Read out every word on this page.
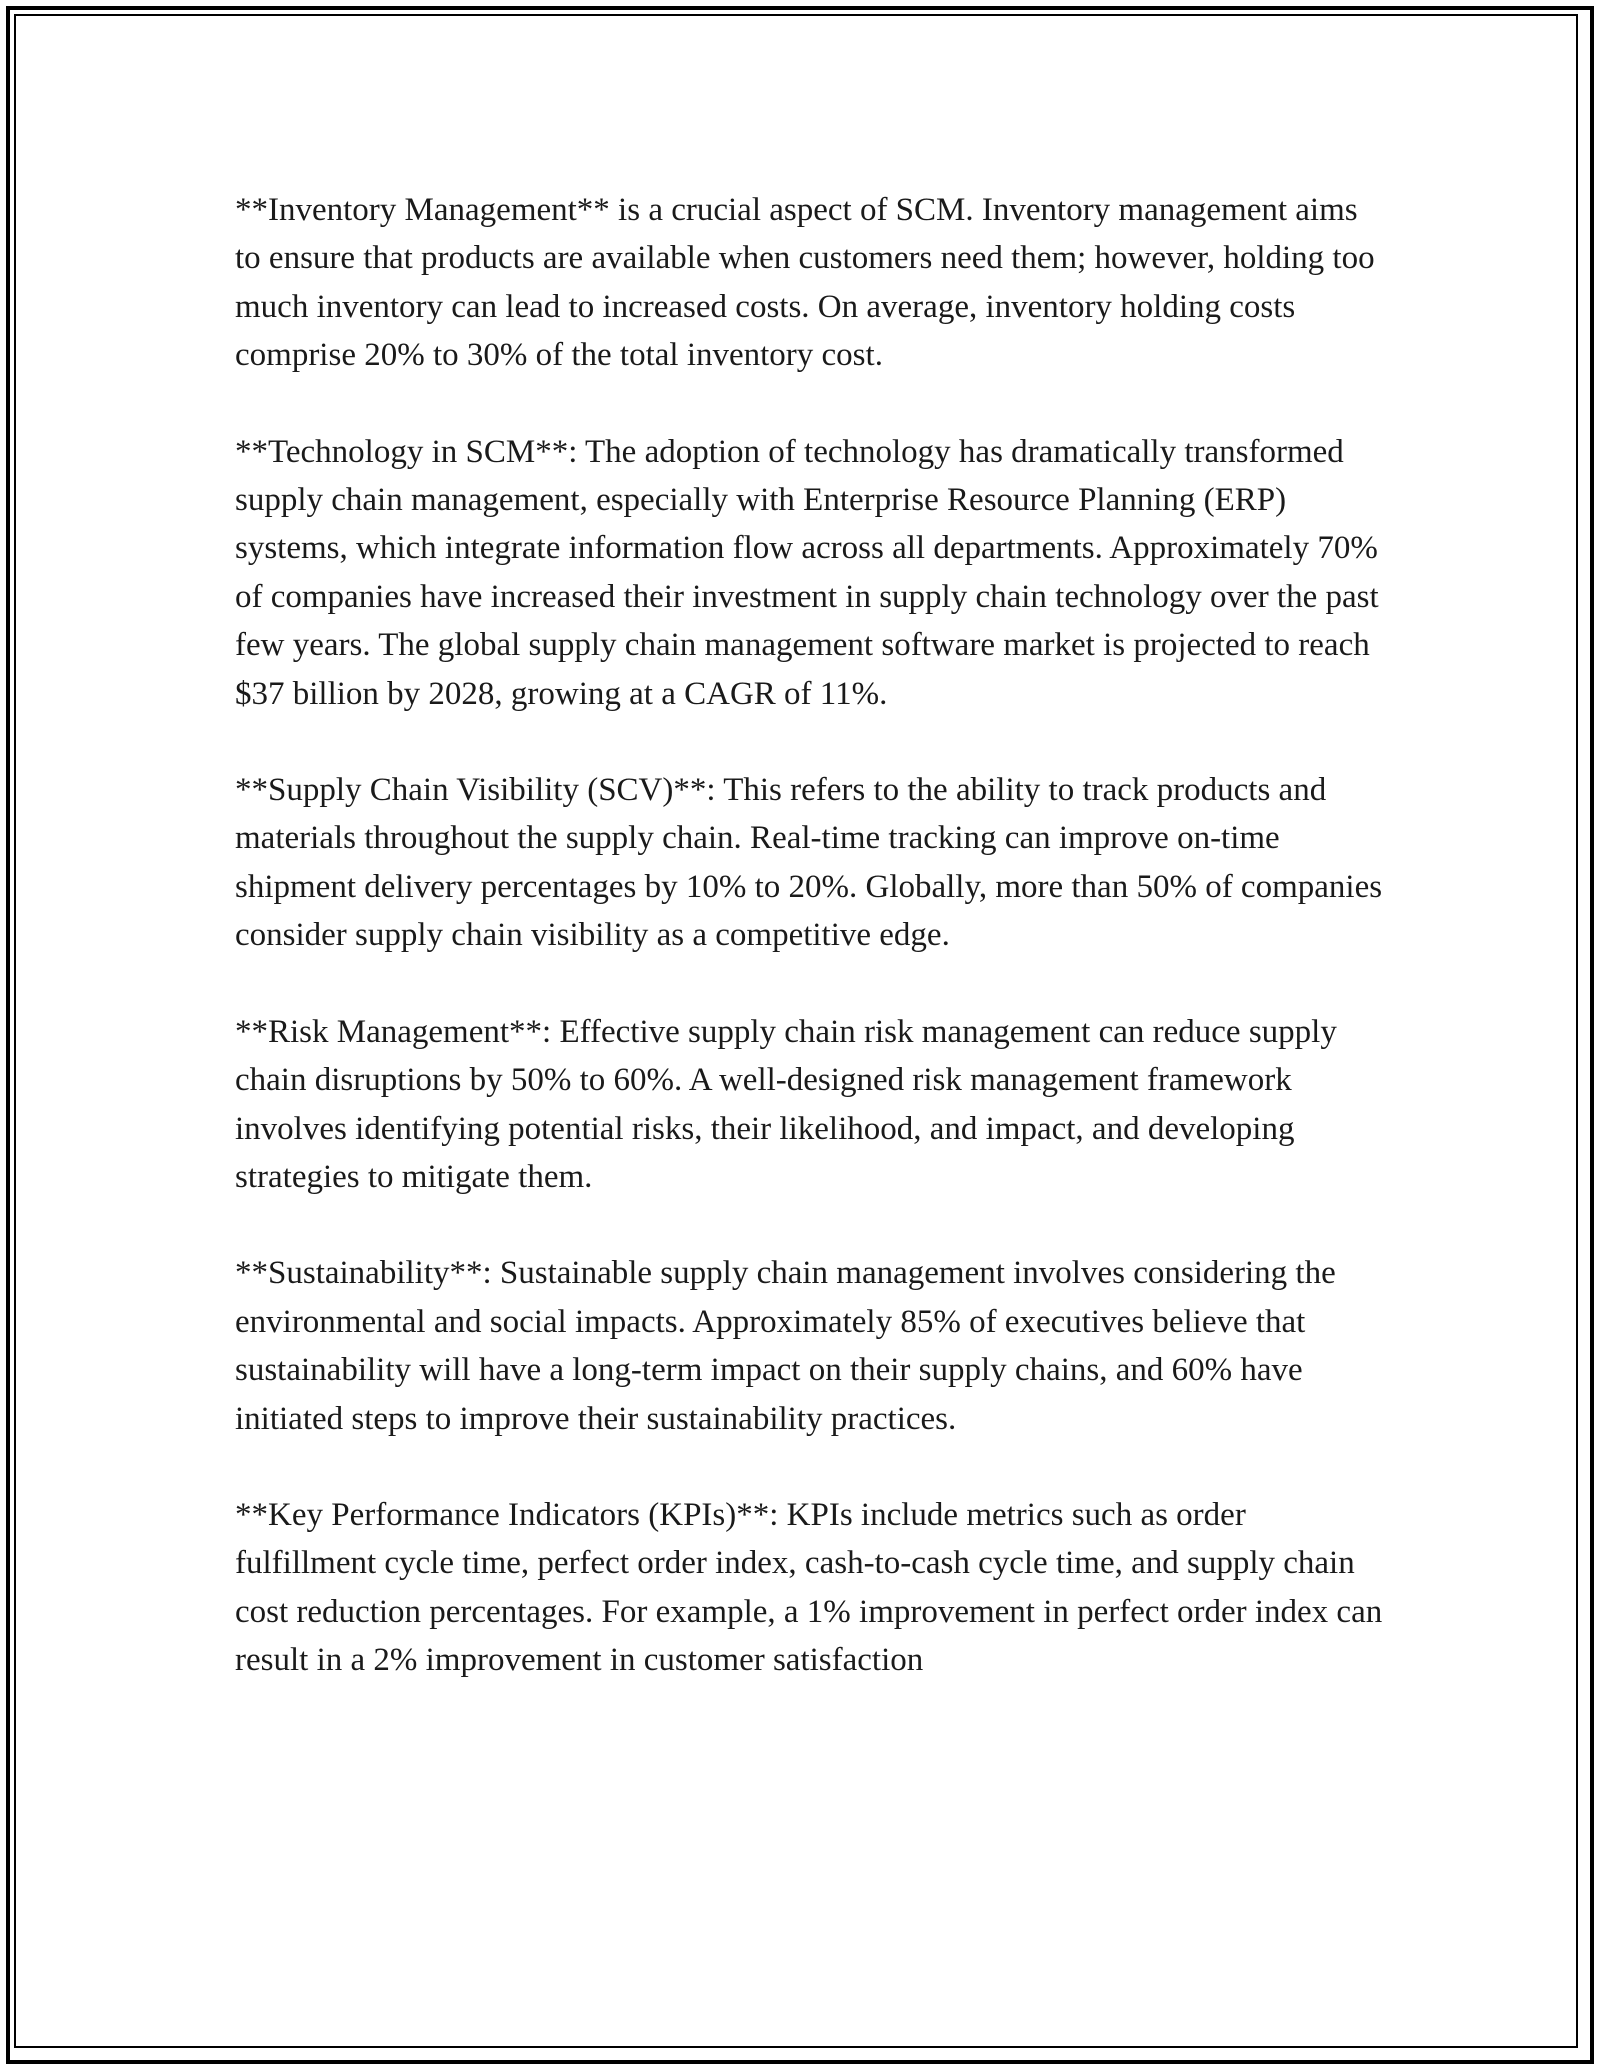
**Inventory Management** is a crucial aspect of SCM. Inventory management aims to ensure that products are available when customers need them; however, holding too much inventory can lead to increased costs. On average, inventory holding costs comprise 20% to 30% of the total inventory cost.

**Technology in SCM**: The adoption of technology has dramatically transformed supply chain management, especially with Enterprise Resource Planning (ERP) systems, which integrate information flow across all departments. Approximately 70% of companies have increased their investment in supply chain technology over the past few years. The global supply chain management software market is projected to reach $37 billion by 2028, growing at a CAGR of 11%.

**Supply Chain Visibility (SCV)**: This refers to the ability to track products and materials throughout the supply chain. Real-time tracking can improve on-time shipment delivery percentages by 10% to 20%. Globally, more than 50% of companies consider supply chain visibility as a competitive edge.

**Risk Management**: Effective supply chain risk management can reduce supply chain disruptions by 50% to 60%. A well-designed risk management framework involves identifying potential risks, their likelihood, and impact, and developing strategies to mitigate them.

**Sustainability**: Sustainable supply chain management involves considering the environmental and social impacts. Approximately 85% of executives believe that sustainability will have a long-term impact on their supply chains, and 60% have initiated steps to improve their sustainability practices.

**Key Performance Indicators (KPIs)**: KPIs include metrics such as order fulfillment cycle time, perfect order index, cash-to-cash cycle time, and supply chain cost reduction percentages. For example, a 1% improvement in perfect order index can result in a 2% improvement in customer satisfaction
